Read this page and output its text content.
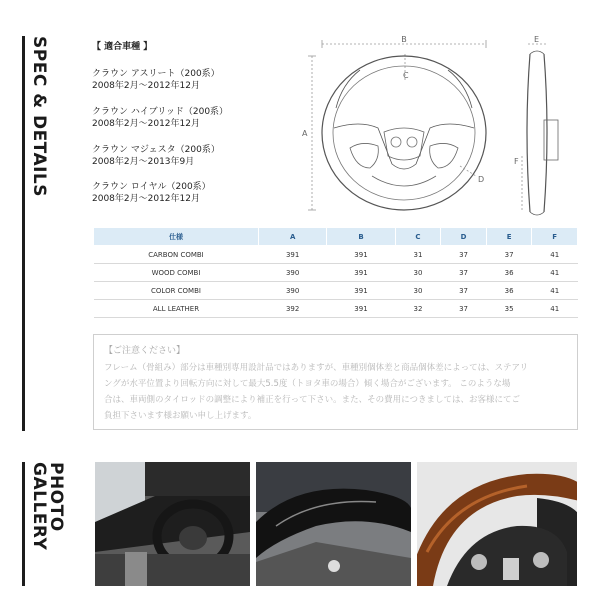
SPEC & DETAILS
PHOTO GALLERY
【 適合車種 】
クラウン アスリート（200系）
2008年2月〜2012年12月
クラウン ハイブリッド（200系）
2008年2月〜2012年12月
クラウン マジェスタ（200系）
2008年2月〜2013年9月
クラウン ロイヤル（200系）
2008年2月〜2012年12月
B
A
C
D
E
F
仕様	A	B	C	D	E	F
CARBON COMBI	391	391	31	37	37	41
WOOD COMBI	390	391	30	37	36	41
COLOR COMBI	390	391	30	37	36	41
ALL LEATHER	392	391	32	37	35	41
【ご注意ください】
フレーム（骨組み）部分は車種別専用設計品ではありますが、車種別個体差と商品個体差によっては、ステアリ
ングが水平位置より回転方向に対して最大5.5度（トヨタ車の場合）傾く場合がございます。 このような場
合は、車両側のタイロッドの調整により補正を行って下さい。また、その費用につきましては、お客様にてご
負担下さいます様お願い申し上げます。
